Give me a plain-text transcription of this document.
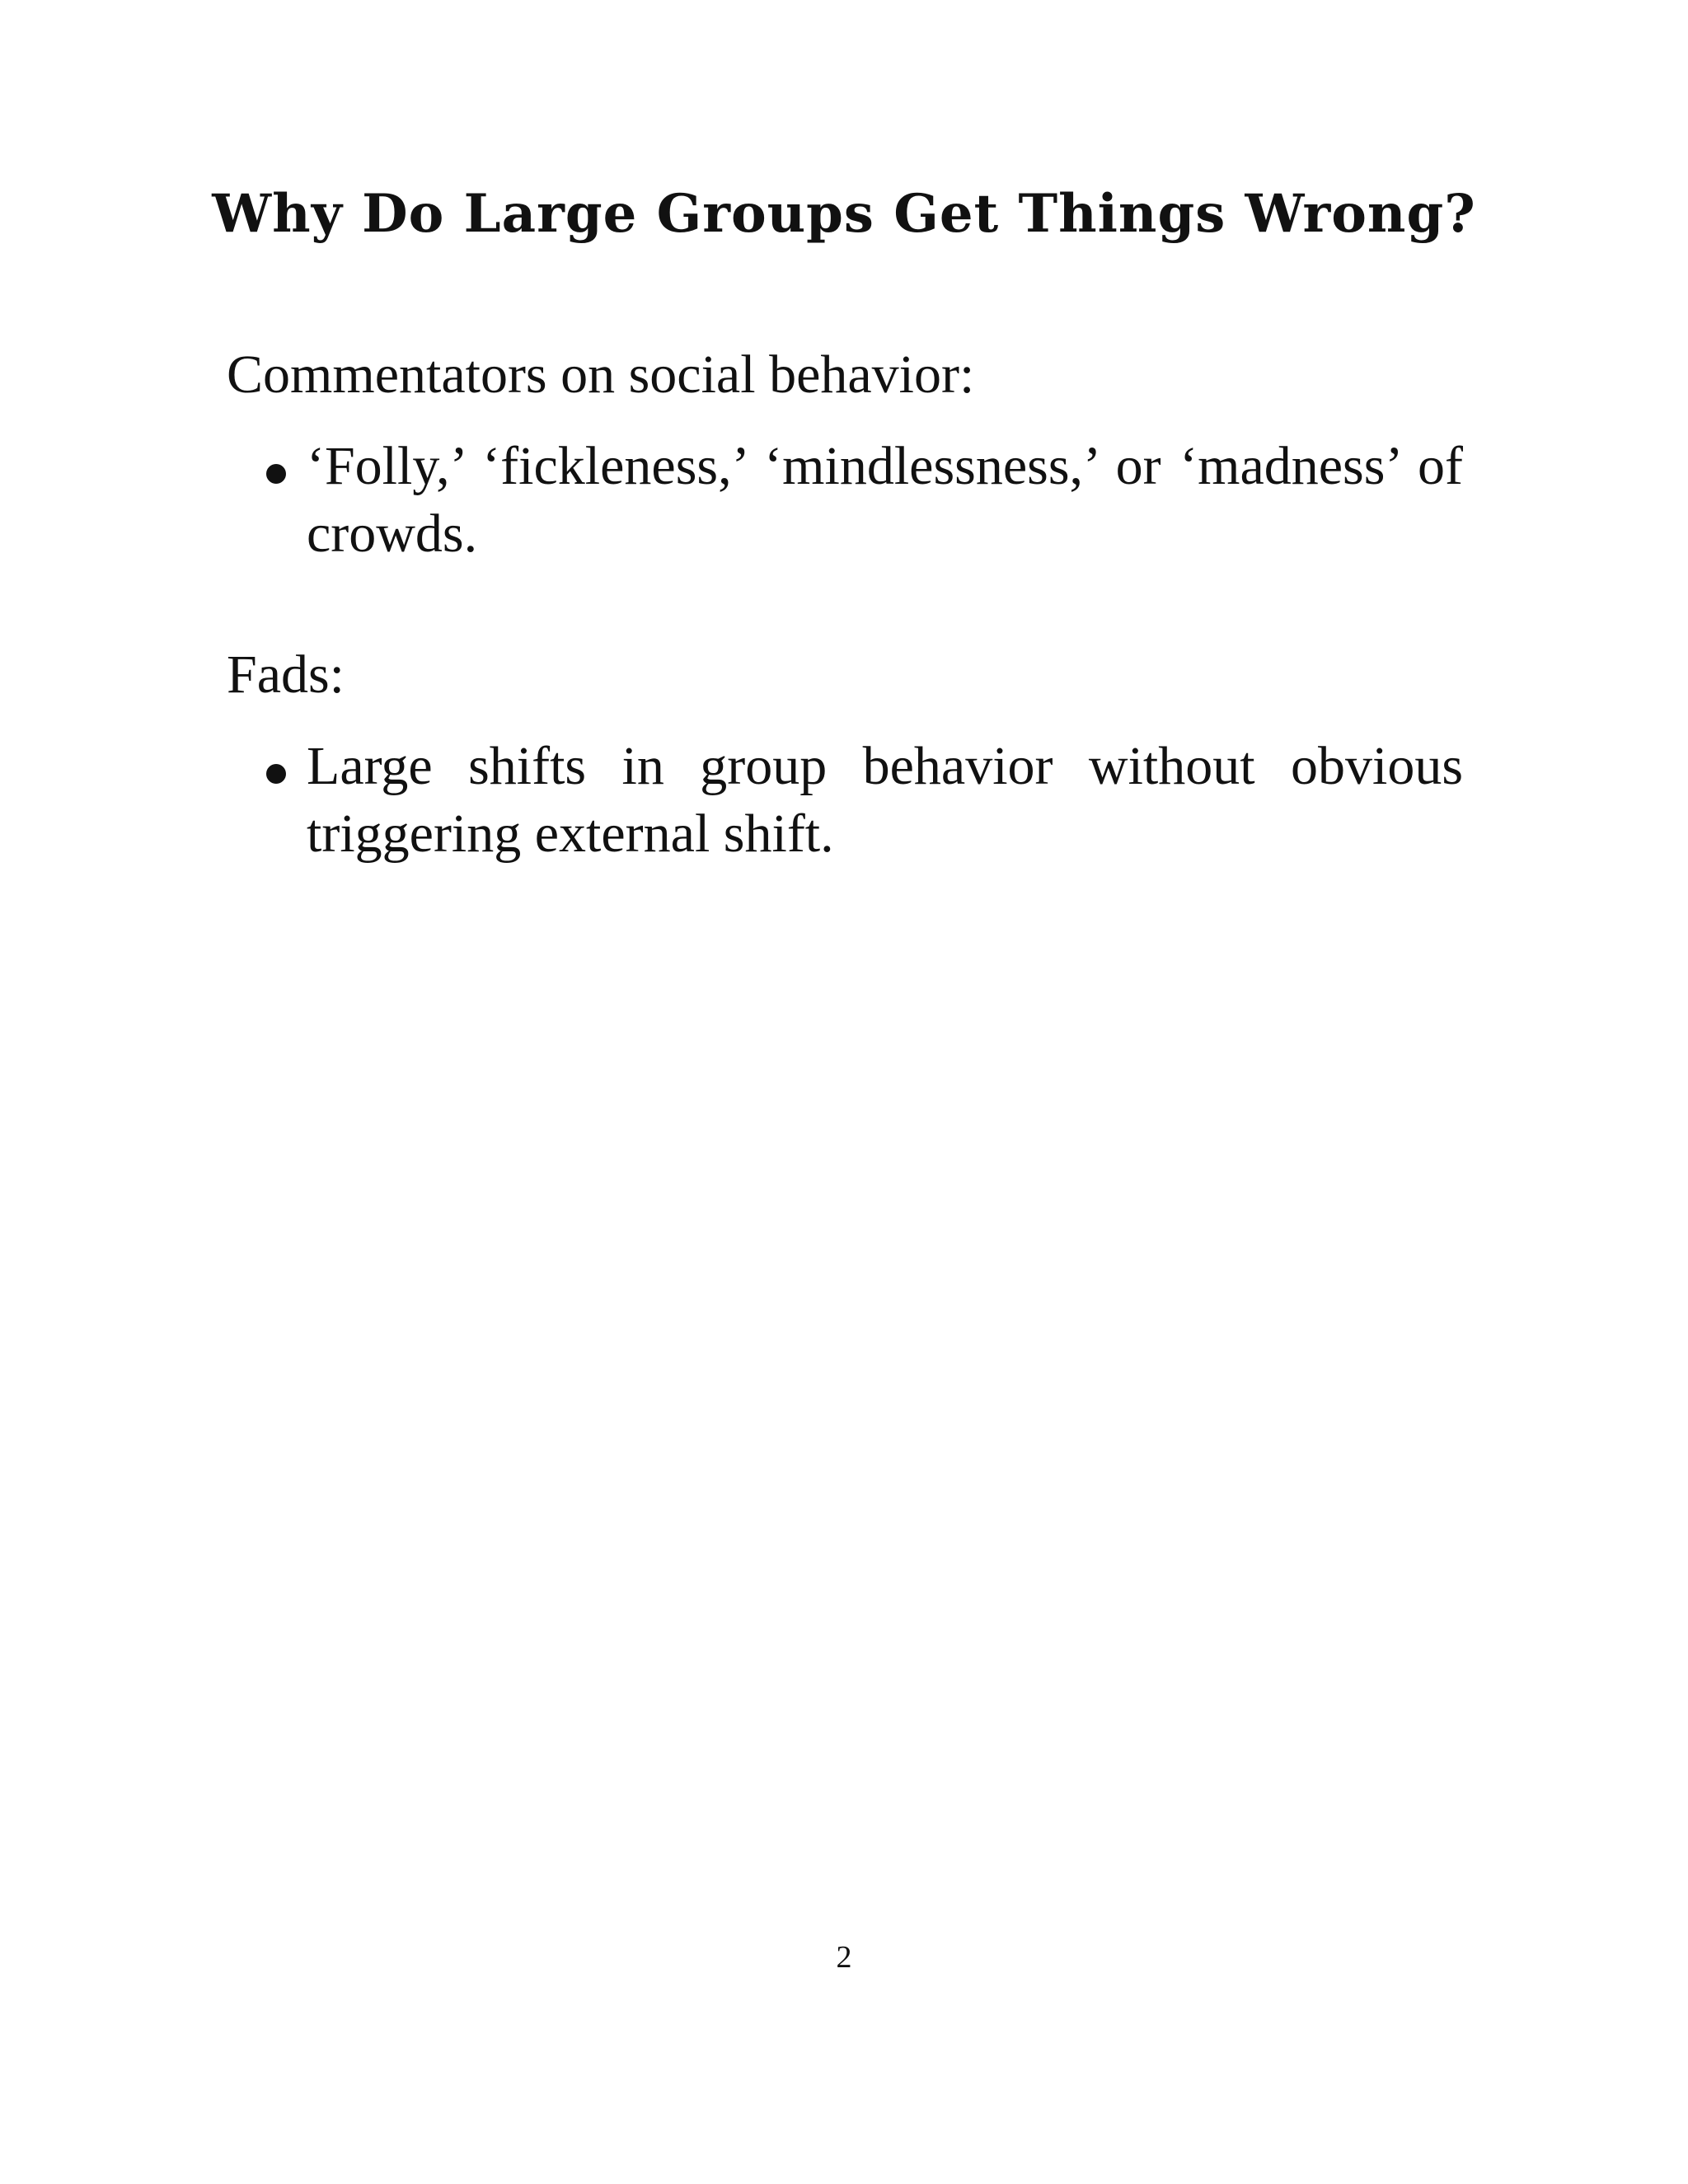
Why Do Large Groups Get Things Wrong?

Commentators on social behavior:

‘Folly,’ ‘fickleness,’ ‘mindlessness,’ or ‘madness’ of crowds.

Fads:

Large shifts in group behavior without obvious triggering external shift.
2
